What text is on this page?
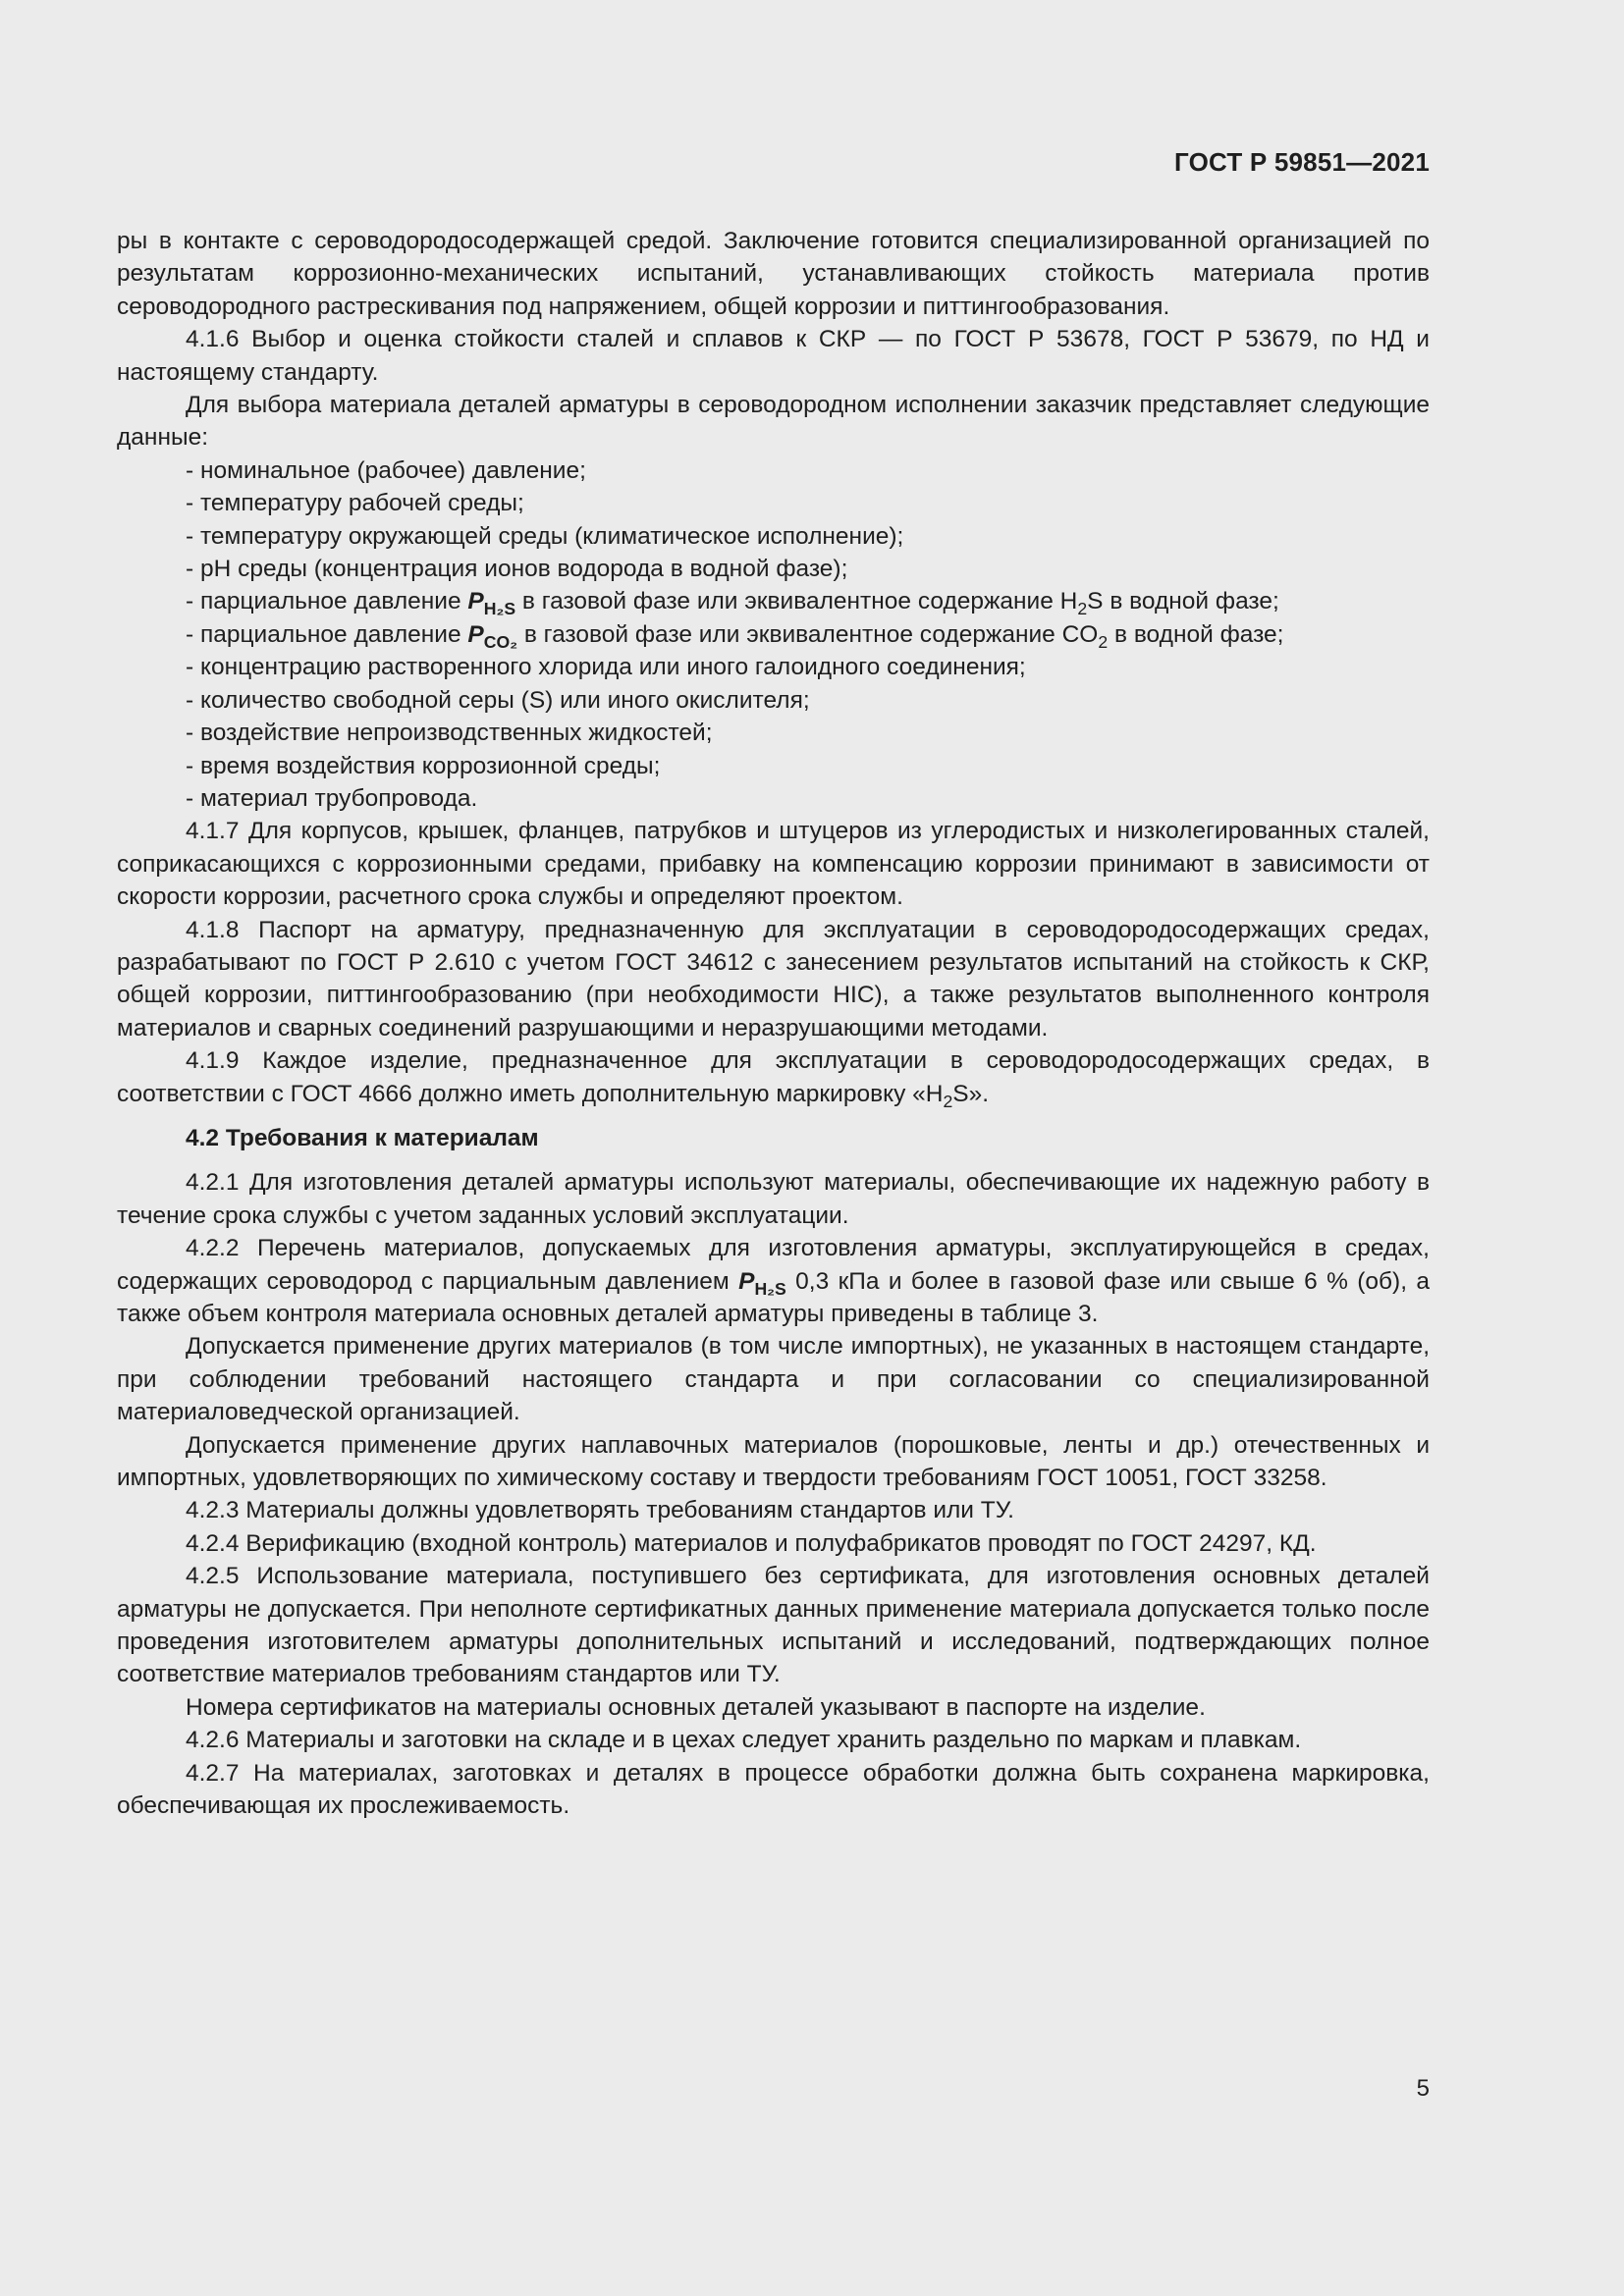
ГОСТ Р 59851—2021

ры в контакте с сероводородосодержащей средой. Заключение готовится специализированной организацией по результатам коррозионно-механических испытаний, устанавливающих стойкость материала против сероводородного растрескивания под напряжением, общей коррозии и питтингообразования.

4.1.6 Выбор и оценка стойкости сталей и сплавов к СКР — по ГОСТ Р 53678, ГОСТ Р 53679, по НД и настоящему стандарту.

Для выбора материала деталей арматуры в сероводородном исполнении заказчик представляет следующие данные:

- номинальное (рабочее) давление;

- температуру рабочей среды;

- температуру окружающей среды (климатическое исполнение);

- рН среды (концентрация ионов водорода в водной фазе);

- парциальное давление $P_{H_2S}$ в газовой фазе или эквивалентное содержание $H_2S$ в водной фазе;

- парциальное давление $P_{CO_2}$ в газовой фазе или эквивалентное содержание $CO_2$ в водной фазе;

- концентрацию растворенного хлорида или иного галоидного соединения;

- количество свободной серы (S) или иного окислителя;

- воздействие непроизводственных жидкостей;

- время воздействия коррозионной среды;

- материал трубопровода.

4.1.7 Для корпусов, крышек, фланцев, патрубков и штуцеров из углеродистых и низколегированных сталей, соприкасающихся с коррозионными средами, прибавку на компенсацию коррозии принимают в зависимости от скорости коррозии, расчетного срока службы и определяют проектом.

4.1.8 Паспорт на арматуру, предназначенную для эксплуатации в сероводородосодержащих средах, разрабатывают по ГОСТ Р 2.610 с учетом ГОСТ 34612 с занесением результатов испытаний на стойкость к СКР, общей коррозии, питтингообразованию (при необходимости HIC), а также результатов выполненного контроля материалов и сварных соединений разрушающими и неразрушающими методами.

4.1.9 Каждое изделие, предназначенное для эксплуатации в сероводородосодержащих средах, в соответствии с ГОСТ 4666 должно иметь дополнительную маркировку «$H_2S$».

4.2 Требования к материалам

4.2.1 Для изготовления деталей арматуры используют материалы, обеспечивающие их надежную работу в течение срока службы с учетом заданных условий эксплуатации.

4.2.2 Перечень материалов, допускаемых для изготовления арматуры, эксплуатирующейся в средах, содержащих сероводород с парциальным давлением $P_{H_2S}$ 0,3 кПа и более в газовой фазе или свыше 6 % (об), а также объем контроля материала основных деталей арматуры приведены в таблице 3.

Допускается применение других материалов (в том числе импортных), не указанных в настоящем стандарте, при соблюдении требований настоящего стандарта и при согласовании со специализированной материаловедческой организацией.

Допускается применение других наплавочных материалов (порошковые, ленты и др.) отечественных и импортных, удовлетворяющих по химическому составу и твердости требованиям ГОСТ 10051, ГОСТ 33258.

4.2.3 Материалы должны удовлетворять требованиям стандартов или ТУ.

4.2.4 Верификацию (входной контроль) материалов и полуфабрикатов проводят по ГОСТ 24297, КД.

4.2.5 Использование материала, поступившего без сертификата, для изготовления основных деталей арматуры не допускается. При неполноте сертификатных данных применение материала допускается только после проведения изготовителем арматуры дополнительных испытаний и исследований, подтверждающих полное соответствие материалов требованиям стандартов или ТУ.

Номера сертификатов на материалы основных деталей указывают в паспорте на изделие.

4.2.6 Материалы и заготовки на складе и в цехах следует хранить раздельно по маркам и плавкам.

4.2.7 На материалах, заготовках и деталях в процессе обработки должна быть сохранена маркировка, обеспечивающая их прослеживаемость.

5
